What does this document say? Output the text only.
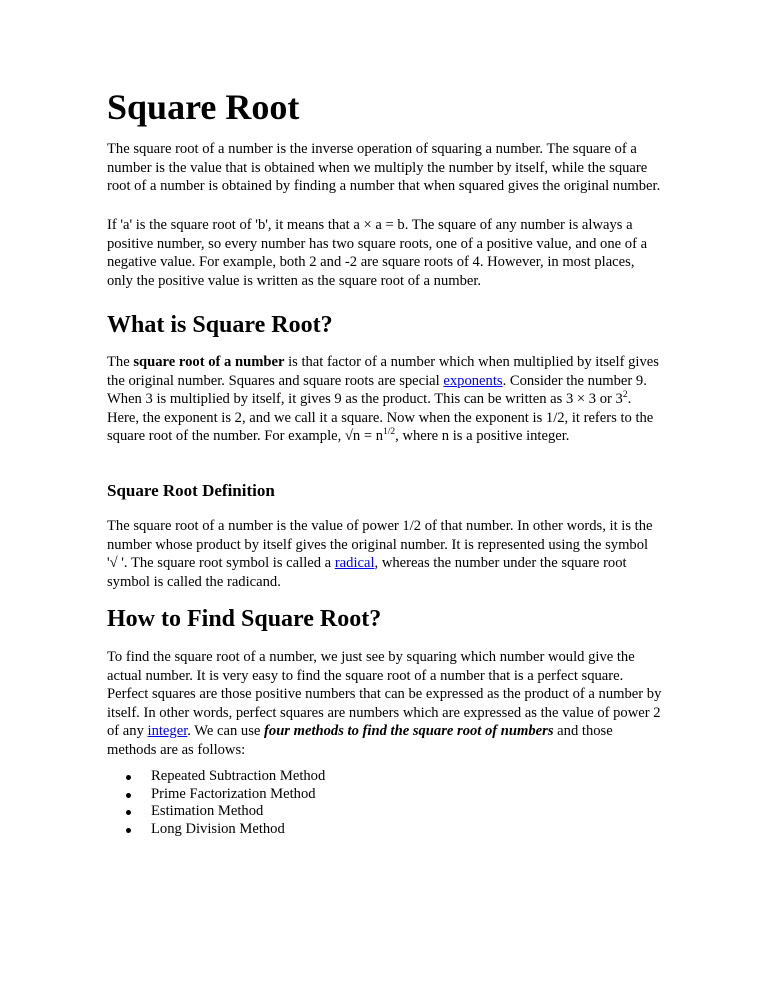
Square Root

The square root of a number is the inverse operation of squaring a number. The square of a number is the value that is obtained when we multiply the number by itself, while the square root of a number is obtained by finding a number that when squared gives the original number.

If 'a' is the square root of 'b', it means that a × a = b. The square of any number is always a positive number, so every number has two square roots, one of a positive value, and one of a negative value. For example, both 2 and -2 are square roots of 4. However, in most places, only the positive value is written as the square root of a number.

What is Square Root?

The square root of a number is that factor of a number which when multiplied by itself gives the original number. Squares and square roots are special exponents. Consider the number 9. When 3 is multiplied by itself, it gives 9 as the product. This can be written as 3 × 3 or $3^2$. Here, the exponent is 2, and we call it a square. Now when the exponent is 1/2, it refers to the square root of the number. For example, $√n = n^{1/2}$, where n is a positive integer.

Square Root Definition

The square root of a number is the value of power 1/2 of that number. In other words, it is the number whose product by itself gives the original number. It is represented using the symbol '√ '. The square root symbol is called a radical, whereas the number under the square root symbol is called the radicand.

How to Find Square Root?

To find the square root of a number, we just see by squaring which number would give the actual number. It is very easy to find the square root of a number that is a perfect square. Perfect squares are those positive numbers that can be expressed as the product of a number by itself. In other words, perfect squares are numbers which are expressed as the value of power 2 of any integer. We can use four methods to find the square root of numbers and those methods are as follows:

Repeated Subtraction Method
Prime Factorization Method
Estimation Method
Long Division Method
